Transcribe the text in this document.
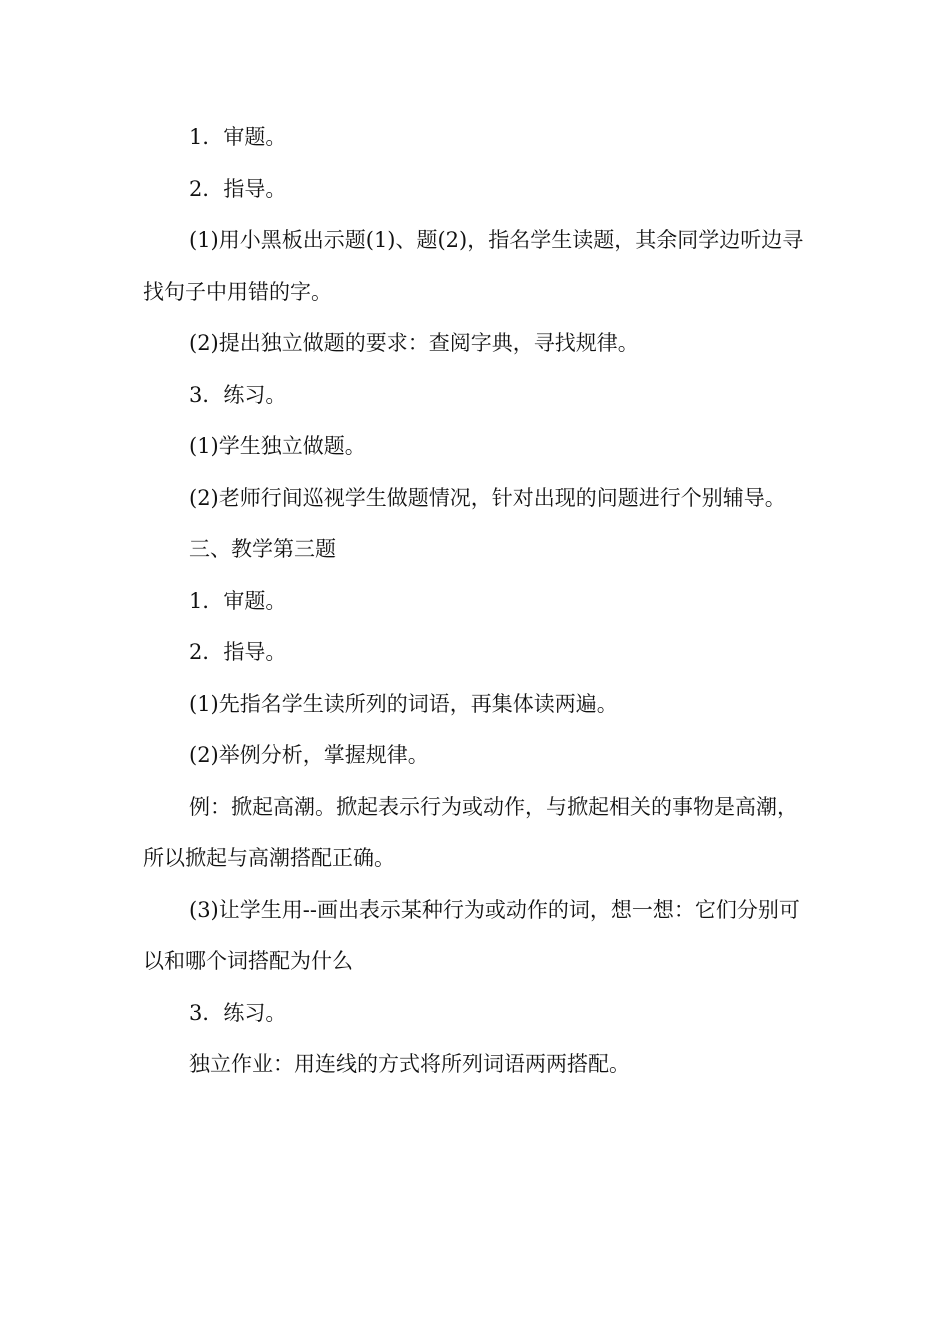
1．审题。

2．指导。

(1)用小黑板出示题(1)、题(2)，指名学生读题，其余同学边听边寻找句子中用错的字。

(2)提出独立做题的要求：查阅字典，寻找规律。

3．练习。

(1)学生独立做题。

(2)老师行间巡视学生做题情况，针对出现的问题进行个别辅导。

三、教学第三题

1．审题。

2．指导。

(1)先指名学生读所列的词语，再集体读两遍。

(2)举例分析，掌握规律。

例：掀起高潮。掀起表示行为或动作，与掀起相关的事物是高潮，所以掀起与高潮搭配正确。

(3)让学生用--画出表示某种行为或动作的词，想一想：它们分别可以和哪个词搭配为什么

3．练习。

独立作业：用连线的方式将所列词语两两搭配。
